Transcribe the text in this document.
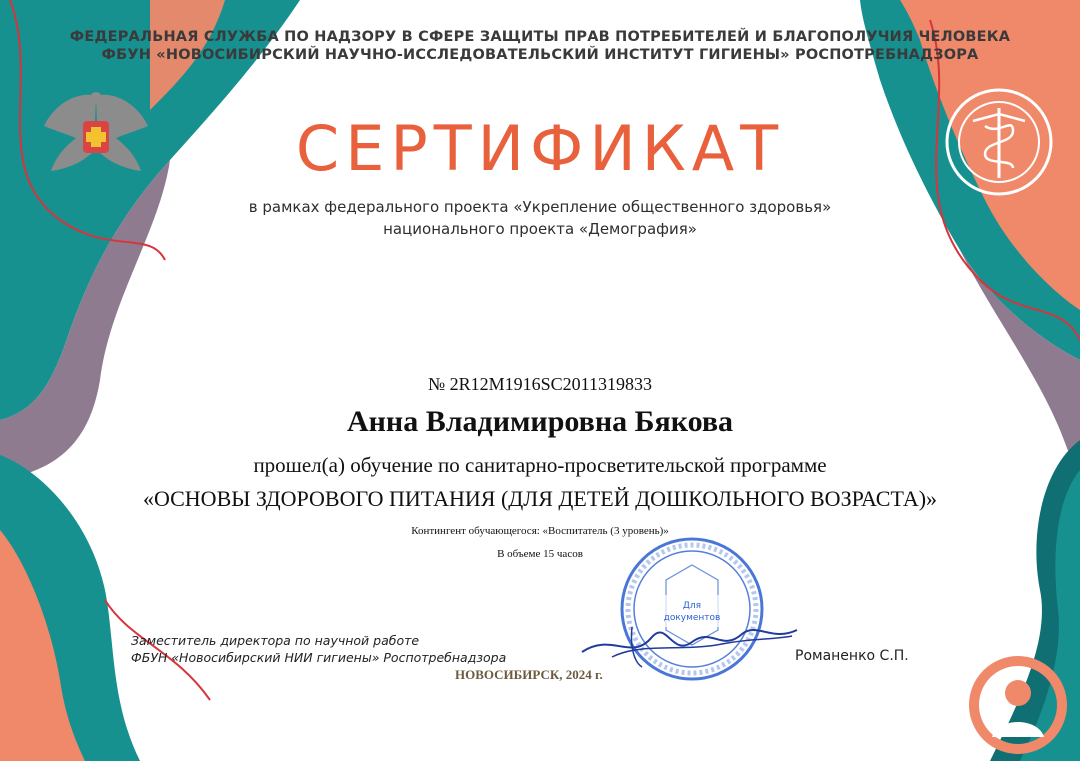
ФЕДЕРАЛЬНАЯ СЛУЖБА ПО НАДЗОРУ В СФЕРЕ ЗАЩИТЫ ПРАВ ПОТРЕБИТЕЛЕЙ И БЛАГОПОЛУЧИЯ ЧЕЛОВЕКА
ФБУН «НОВОСИБИРСКИЙ НАУЧНО-ИССЛЕДОВАТЕЛЬСКИЙ ИНСТИТУТ ГИГИЕНЫ» РОСПОТРЕБНАДЗОРА
СЕРТИФИКАТ
в рамках федерального проекта «Укрепление общественного здоровья»
национального проекта «Демография»
№ 2R12M1916SC2011319833
Анна Владимировна Бякова
прошел(а) обучение по санитарно-просветительской программе
«ОСНОВЫ ЗДОРОВОГО ПИТАНИЯ (ДЛЯ ДЕТЕЙ ДОШКОЛЬНОГО ВОЗРАСТА)»
Контингент обучающегося: «Воспитатель (3 уровень)»
В объеме 15 часов
Для
документов
Заместитель директора по научной работе
ФБУН «Новосибирский НИИ гигиены» Роспотребнадзора	Романенко С.П.
НОВОСИБИРСК, 2024 г.
